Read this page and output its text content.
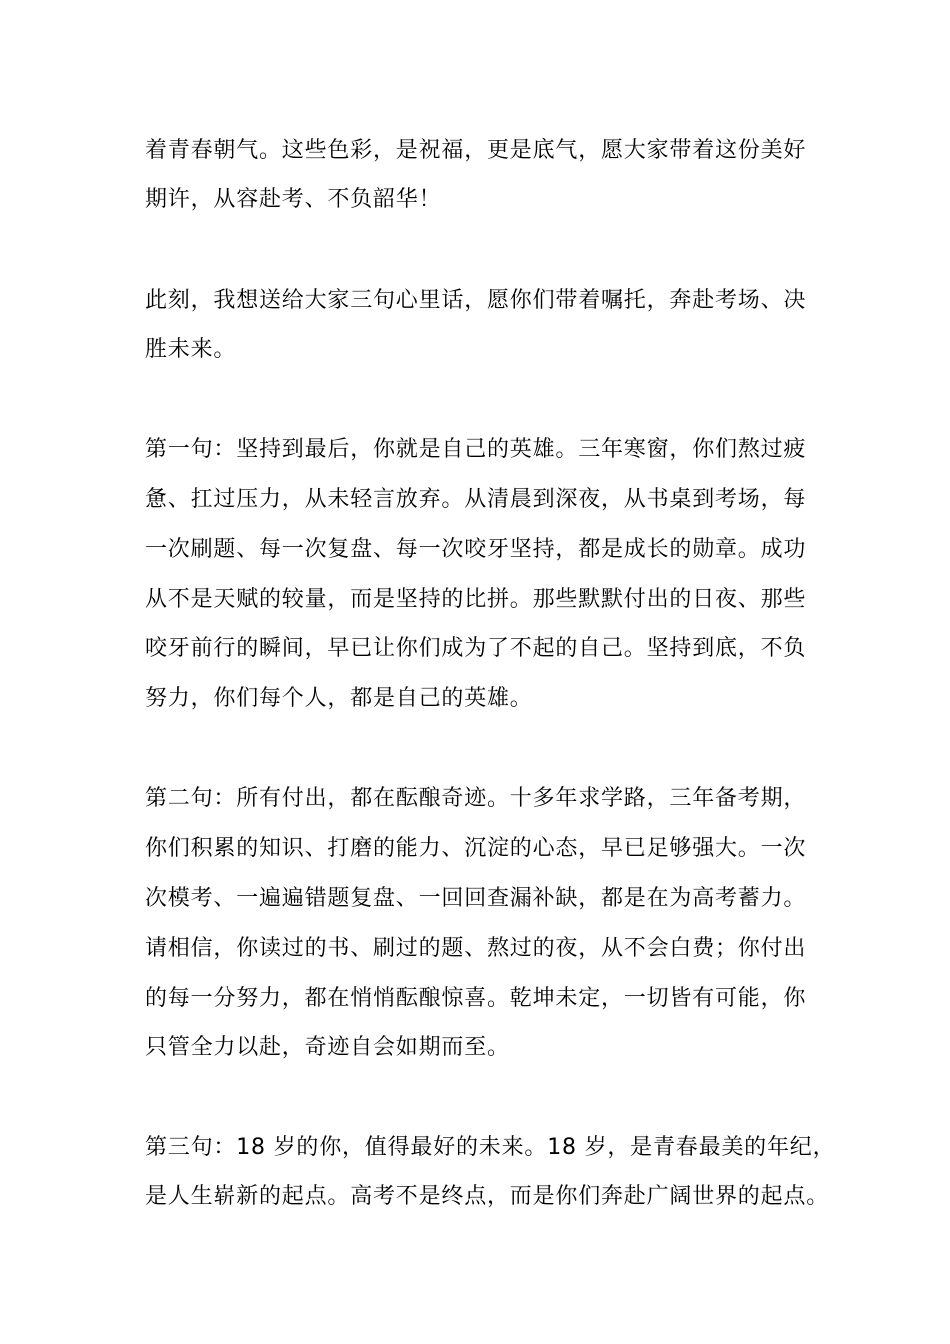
着青春朝气。这些色彩，是祝福，更是底气，愿大家带着这份美好

期许，从容赴考、不负韶华！

此刻，我想送给大家三句心里话，愿你们带着嘱托，奔赴考场、决

胜未来。

第一句：坚持到最后，你就是自己的英雄。三年寒窗，你们熬过疲

惫、扛过压力，从未轻言放弃。从清晨到深夜，从书桌到考场，每

一次刷题、每一次复盘、每一次咬牙坚持，都是成长的勋章。成功

从不是天赋的较量，而是坚持的比拼。那些默默付出的日夜、那些

咬牙前行的瞬间，早已让你们成为了不起的自己。坚持到底，不负

努力，你们每个人，都是自己的英雄。

第二句：所有付出，都在酝酿奇迹。十多年求学路，三年备考期，

你们积累的知识、打磨的能力、沉淀的心态，早已足够强大。一次

次模考、一遍遍错题复盘、一回回查漏补缺，都是在为高考蓄力。

请相信，你读过的书、刷过的题、熬过的夜，从不会白费；你付出

的每一分努力，都在悄悄酝酿惊喜。乾坤未定，一切皆有可能，你

只管全力以赴，奇迹自会如期而至。

第三句：18 岁的你，值得最好的未来。18 岁，是青春最美的年纪，

是人生崭新的起点。高考不是终点，而是你们奔赴广阔世界的起点。
